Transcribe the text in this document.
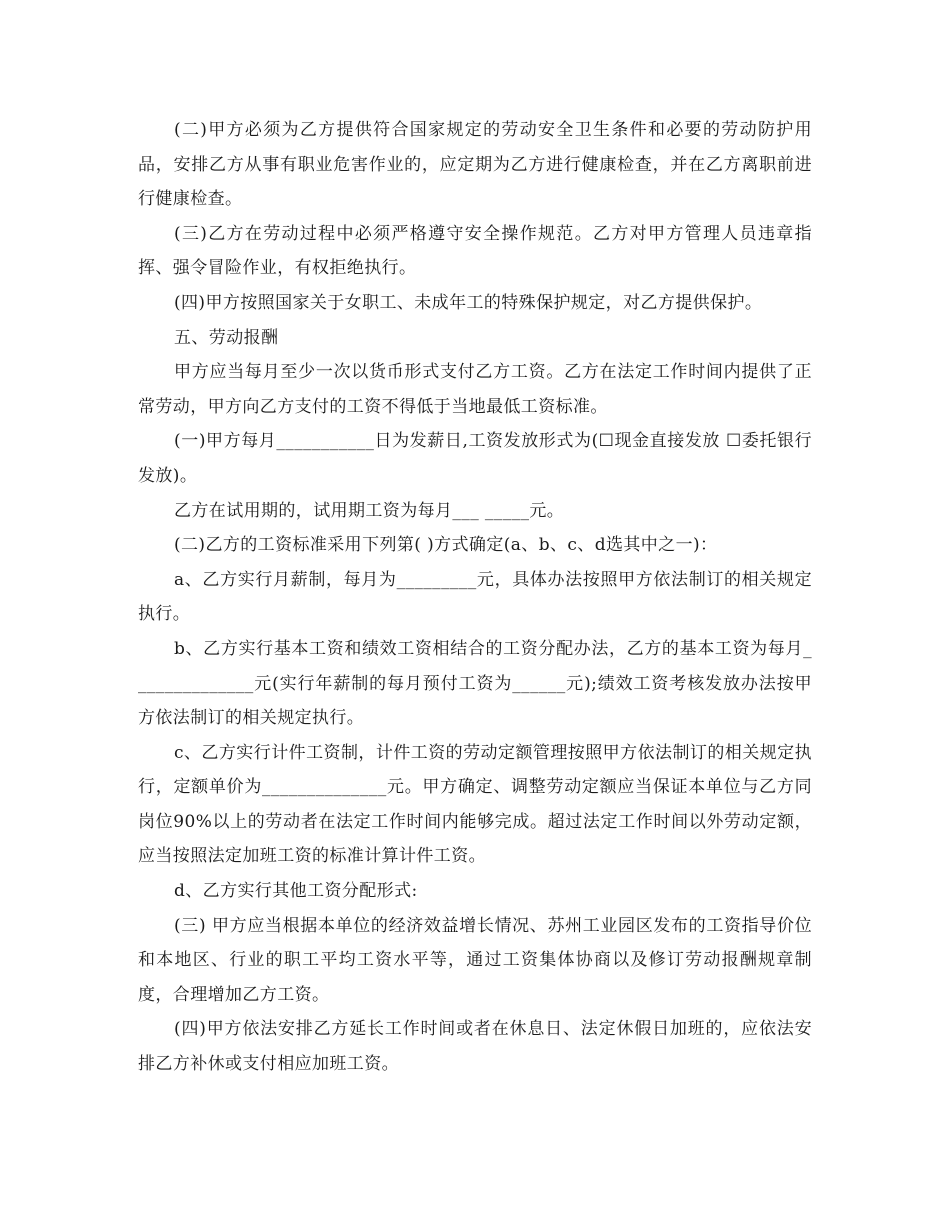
(二)甲方必须为乙方提供符合国家规定的劳动安全卫生条件和必要的劳动防护用品，安排乙方从事有职业危害作业的，应定期为乙方进行健康检查，并在乙方离职前进行健康检查。

(三)乙方在劳动过程中必须严格遵守安全操作规范。乙方对甲方管理人员违章指挥、强令冒险作业，有权拒绝执行。

(四)甲方按照国家关于女职工、未成年工的特殊保护规定，对乙方提供保护。

五、劳动报酬

甲方应当每月至少一次以货币形式支付乙方工资。乙方在法定工作时间内提供了正常劳动，甲方向乙方支付的工资不得低于当地最低工资标准。

(一)甲方每月___________日为发薪日,工资发放形式为(☐现金直接发放 ☐委托银行发放)。

乙方在试用期的，试用期工资为每月___ _____元。

(二)乙方的工资标准采用下列第( )方式确定(a、b、c、d选其中之一)：

a、乙方实行月薪制，每月为_________元，具体办法按照甲方依法制订的相关规定执行。

b、乙方实行基本工资和绩效工资相结合的工资分配办法，乙方的基本工资为每月______________元(实行年薪制的每月预付工资为______元);绩效工资考核发放办法按甲方依法制订的相关规定执行。

c、乙方实行计件工资制，计件工资的劳动定额管理按照甲方依法制订的相关规定执行，定额单价为______________元。甲方确定、调整劳动定额应当保证本单位与乙方同岗位90%以上的劳动者在法定工作时间内能够完成。超过法定工作时间以外劳动定额，应当按照法定加班工资的标准计算计件工资。

d、乙方实行其他工资分配形式:

(三) 甲方应当根据本单位的经济效益增长情况、苏州工业园区发布的工资指导价位和本地区、行业的职工平均工资水平等，通过工资集体协商以及修订劳动报酬规章制度，合理增加乙方工资。

(四)甲方依法安排乙方延长工作时间或者在休息日、法定休假日加班的，应依法安排乙方补休或支付相应加班工资。
